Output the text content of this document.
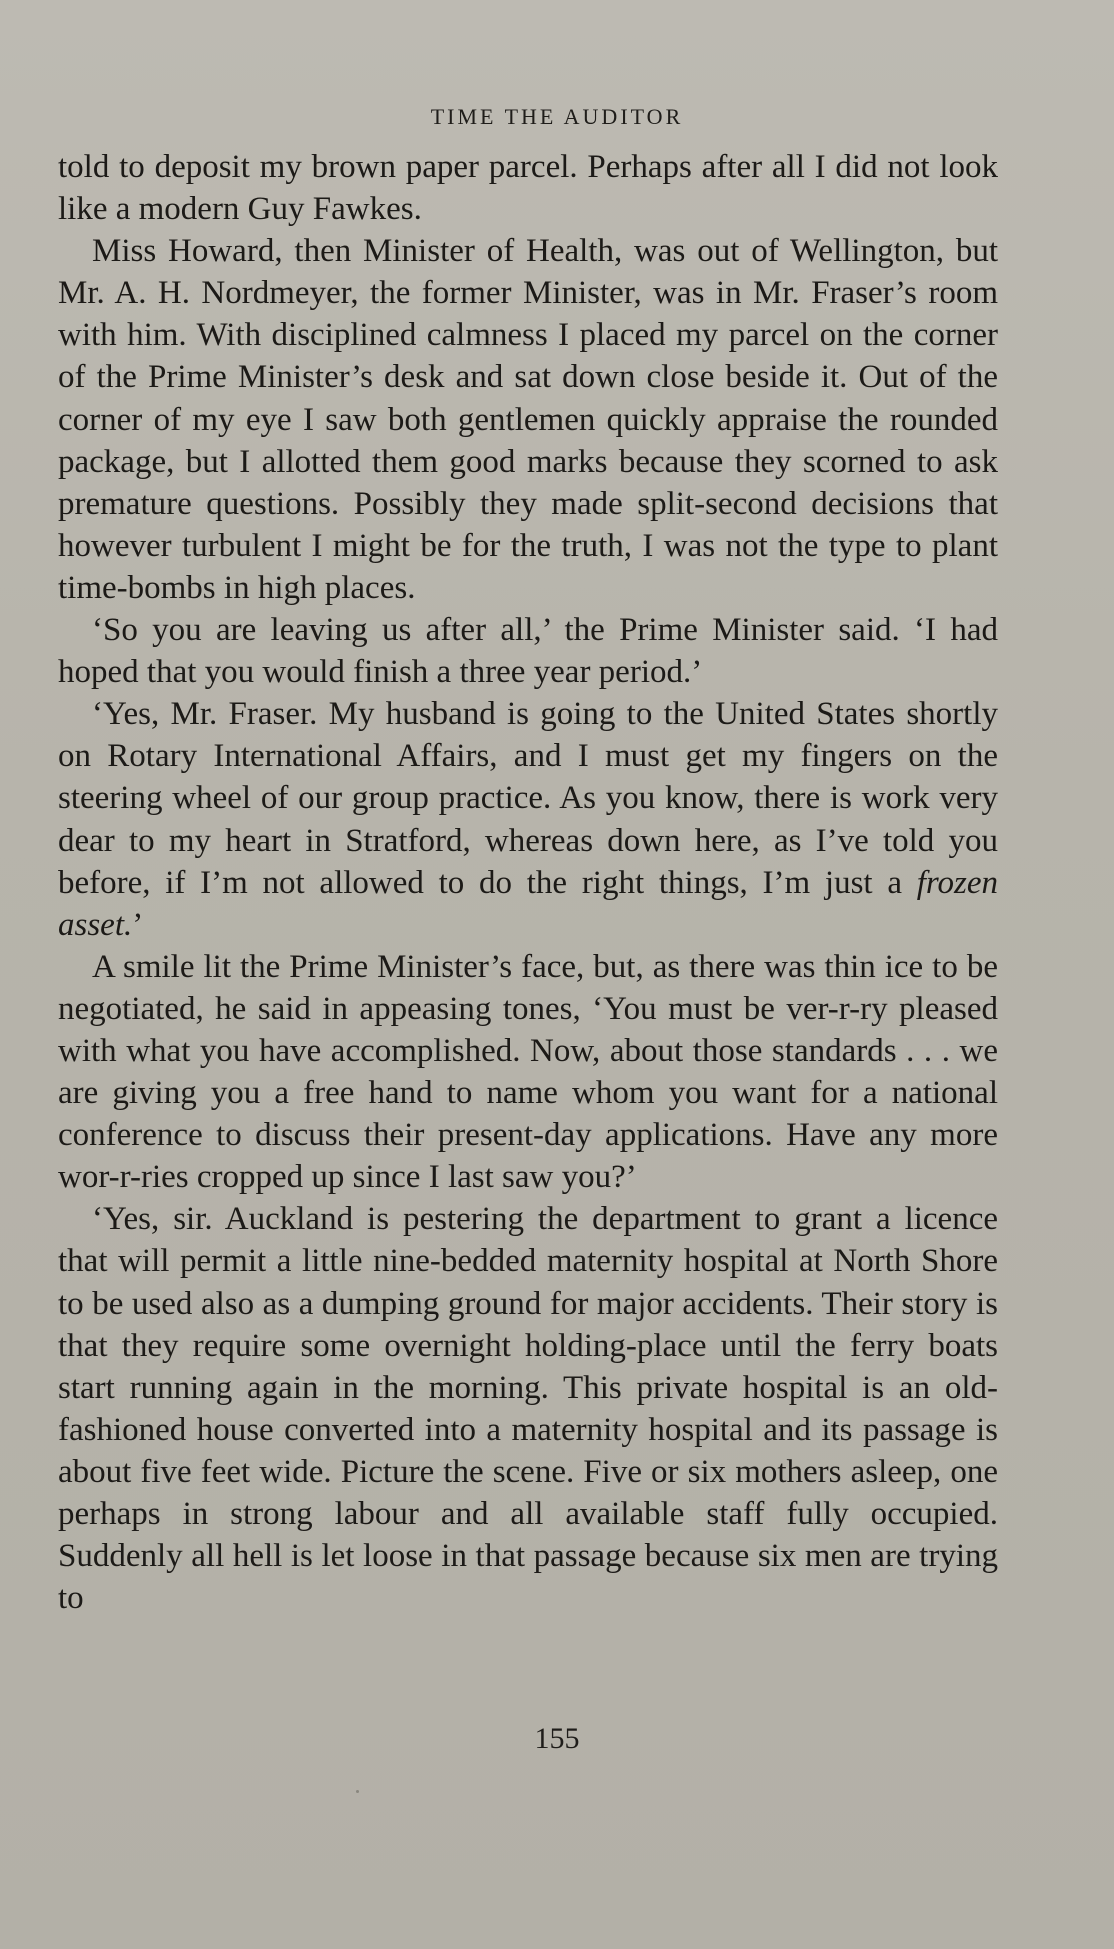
TIME THE AUDITOR

told to deposit my brown paper parcel. Perhaps after all I did not look like a modern Guy Fawkes.

Miss Howard, then Minister of Health, was out of Wellington, but Mr. A. H. Nordmeyer, the former Minister, was in Mr. Fraser’s room with him. With disciplined calmness I placed my parcel on the corner of the Prime Minister’s desk and sat down close beside it. Out of the corner of my eye I saw both gentlemen quickly appraise the rounded package, but I allotted them good marks because they scorned to ask premature questions. Possibly they made split-second decisions that however turbulent I might be for the truth, I was not the type to plant time-bombs in high places.

‘So you are leaving us after all,’ the Prime Minister said. ‘I had hoped that you would finish a three year period.’

‘Yes, Mr. Fraser. My husband is going to the United States shortly on Rotary International Affairs, and I must get my fingers on the steering wheel of our group practice. As you know, there is work very dear to my heart in Stratford, whereas down here, as I’ve told you before, if I’m not allowed to do the right things, I’m just a frozen asset.’

A smile lit the Prime Minister’s face, but, as there was thin ice to be negotiated, he said in appeasing tones, ‘You must be ver-r-ry pleased with what you have accomplished. Now, about those standards . . . we are giving you a free hand to name whom you want for a national conference to discuss their present-day applications. Have any more wor-r-ries cropped up since I last saw you?’

‘Yes, sir. Auckland is pestering the department to grant a licence that will permit a little nine-bedded maternity hospital at North Shore to be used also as a dumping ground for major accidents. Their story is that they require some overnight holding-place until the ferry boats start running again in the morning. This private hospital is an old-fashioned house converted into a maternity hospital and its passage is about five feet wide. Picture the scene. Five or six mothers asleep, one perhaps in strong labour and all available staff fully occupied. Suddenly all hell is let loose in that passage because six men are trying to

155
